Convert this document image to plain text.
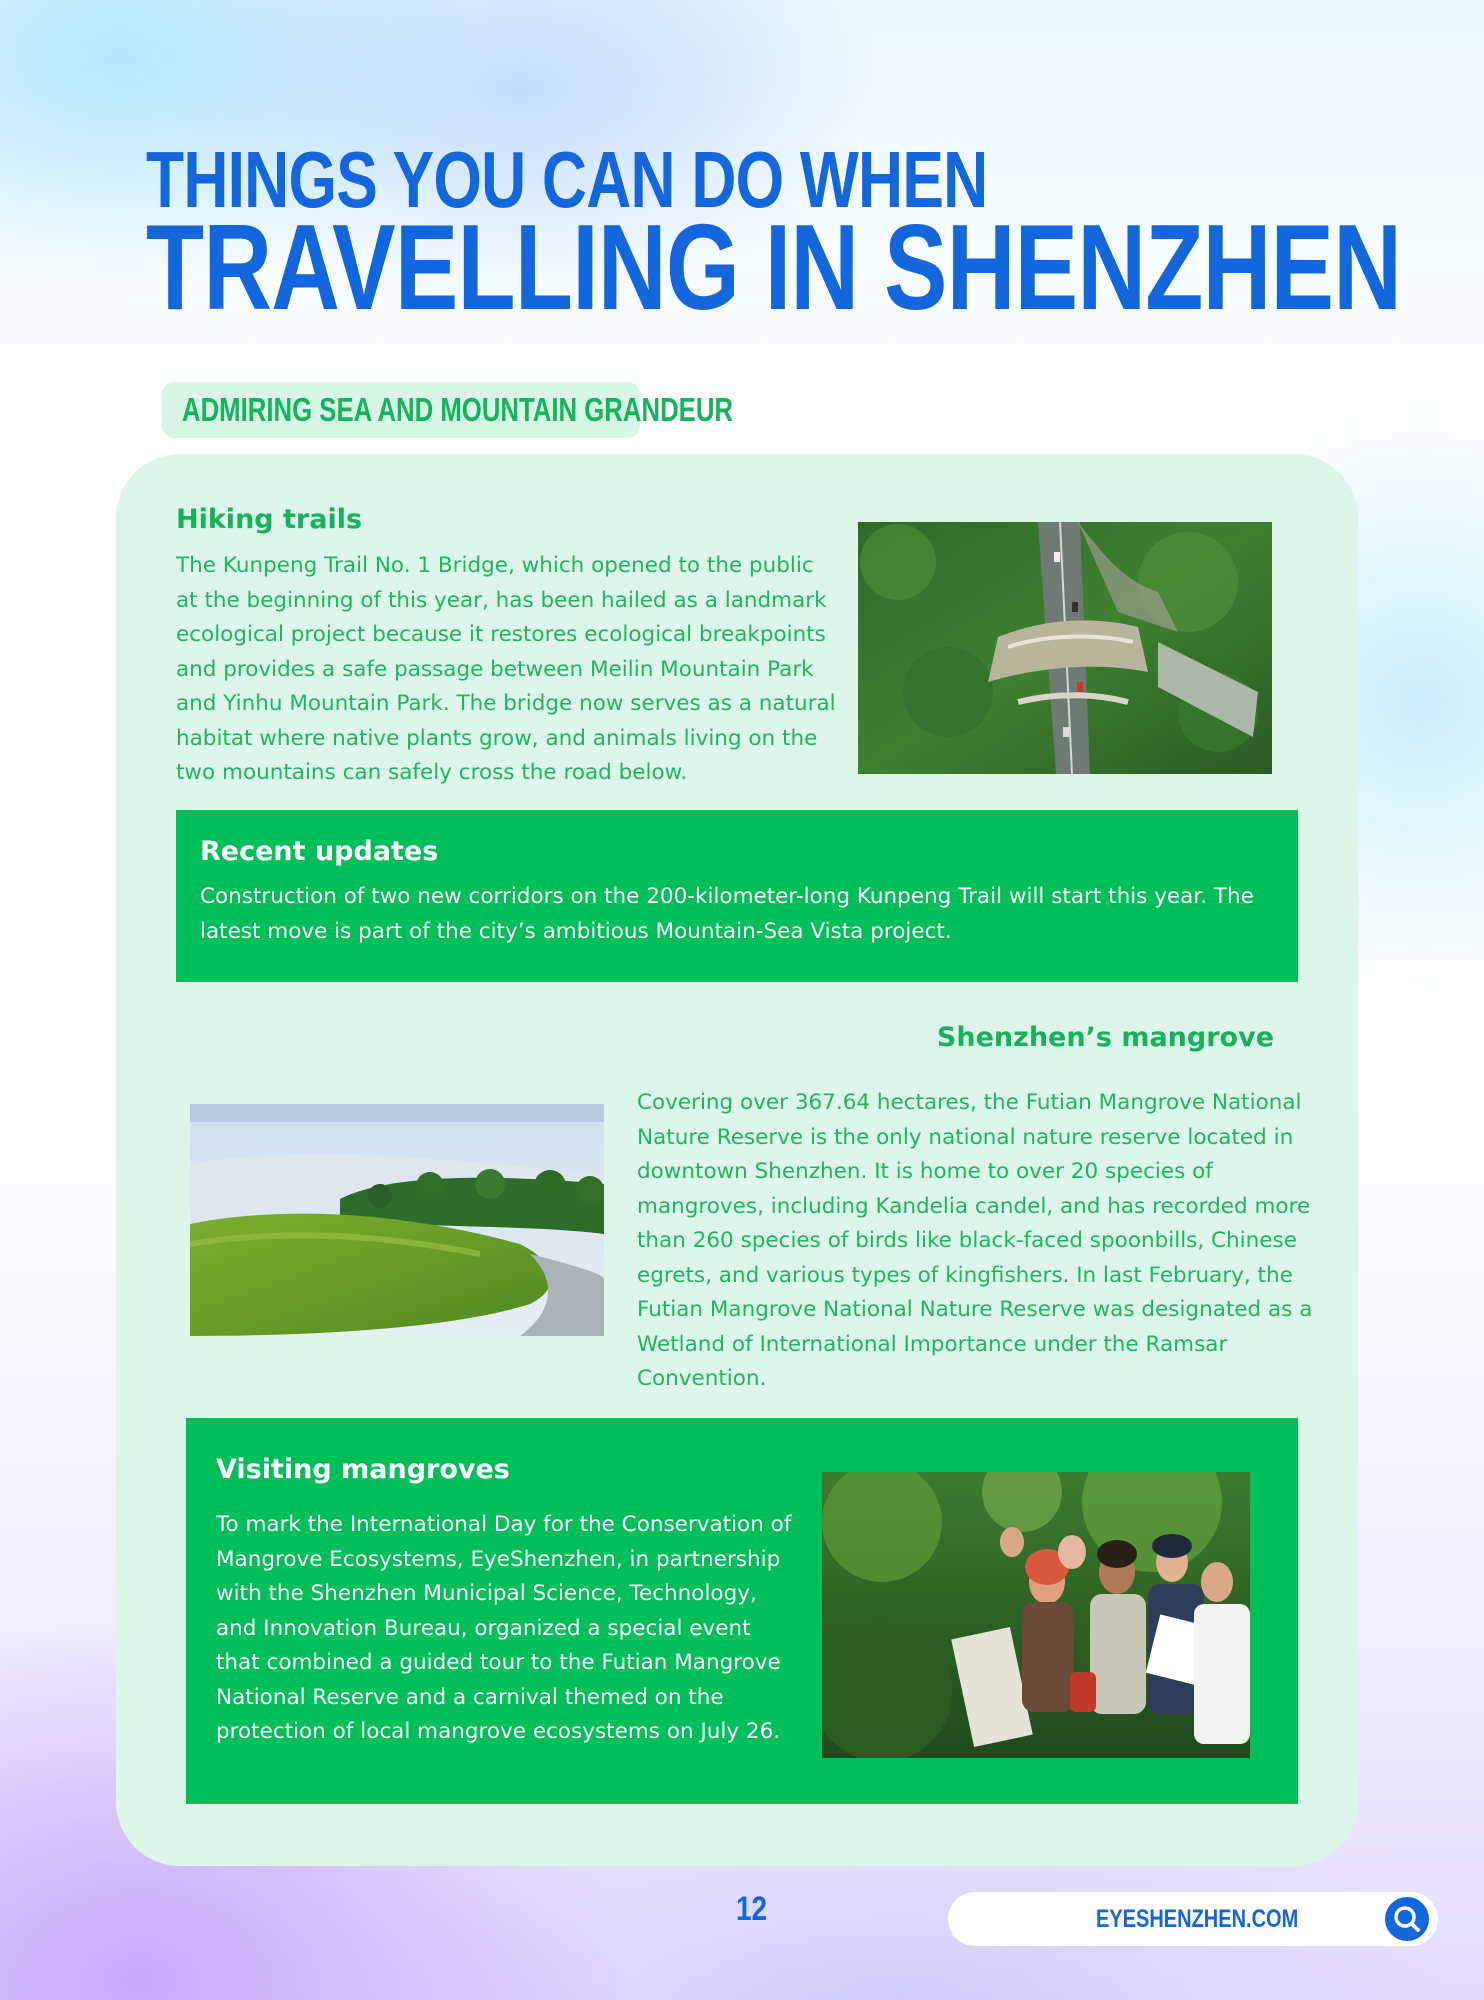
THINGS YOU CAN DO WHEN
TRAVELLING IN SHENZHEN
ADMIRING SEA AND MOUNTAIN GRANDEUR
Hiking trails

The Kunpeng Trail No. 1 Bridge, which opened to the public at the beginning of this year, has been hailed as a landmark ecological project because it restores ecological breakpoints and provides a safe passage between Meilin Mountain Park and Yinhu Mountain Park. The bridge now serves as a natural habitat where native plants grow, and animals living on the two mountains can safely cross the road below.

Recent updates

Construction of two new corridors on the 200-kilometer-long Kunpeng Trail will start this year. The latest move is part of the city’s ambitious Mountain-Sea Vista project.

Shenzhen’s mangrove

Covering over 367.64 hectares, the Futian Mangrove National Nature Reserve is the only national nature reserve located in downtown Shenzhen. It is home to over 20 species of mangroves, including Kandelia candel, and has recorded more than 260 species of birds like black-faced spoonbills, Chinese egrets, and various types of kingfishers. In last February, the Futian Mangrove National Nature Reserve was designated as a Wetland of International Importance under the Ramsar Convention.

Visiting mangroves

To mark the International Day for the Conservation of Mangrove Ecosystems, EyeShenzhen, in partnership with the Shenzhen Municipal Science, Technology, and Innovation Bureau, organized a special event that combined a guided tour to the Futian Mangrove National Reserve and a carnival themed on the protection of local mangrove ecosystems on July 26.

12	EYESHENZHEN.COM
